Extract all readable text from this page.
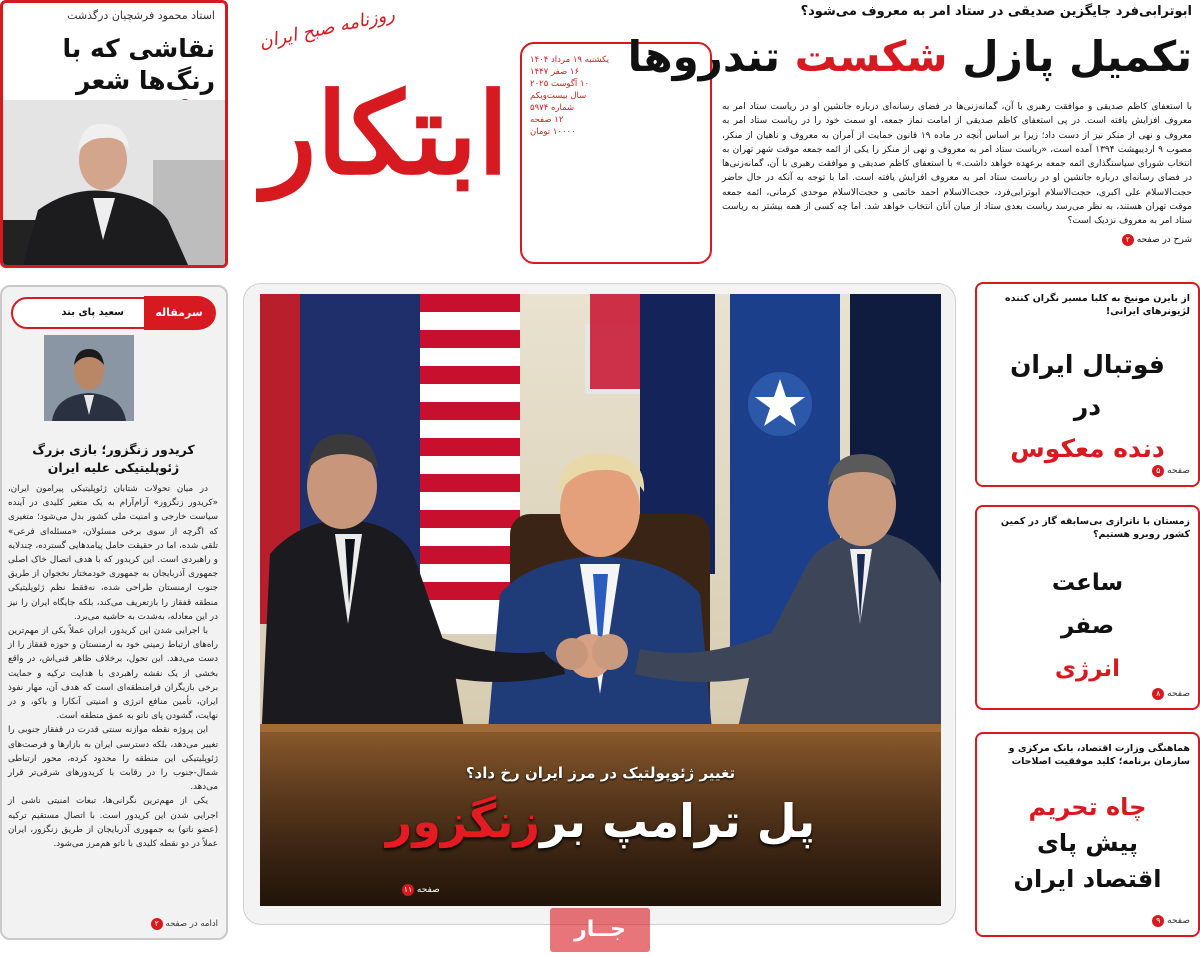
استاد محمود فرشچیان درگذشت
نقاشی که با رنگ‌ها شعر
روزنامه صبح ایران
ابتکار
یکشنبه ۱۹ مرداد ۱۴۰۴
۱۶ صفر ۱۴۴۷
۱۰ آگوست ۲۰۲۵
سال بیست‌ویکم
شماره ۵۹۷۴
۱۲ صفحه
۱۰۰۰۰ تومان
ابوترابی‌فرد جایگزین صدیقی در ستاد امر به معروف می‌شود؟
تکمیل پازل شکست تندروها
با استعفای کاظم صدیقی و موافقت رهبری با آن، گمانه‌زنی‌ها در فضای رسانه‌ای درباره جانشین او در ریاست ستاد امر به معروف افزایش یافته است. در پی استعفای کاظم صدیقی از امامت نماز جمعه، او سمت خود را در ریاست ستاد امر به معروف و نهی از منکر نیز از دست داد؛ زیرا بر اساس آنچه در ماده ۱۹ قانون حمایت از آمران به معروف و ناهیان از منکر، مصوب ۹ اردیبهشت ۱۳۹۴ آمده است، «ریاست ستاد امر به معروف و نهی از منکر را یکی از ائمه جمعه موقت شهر تهران به انتخاب شورای سیاستگذاری ائمه جمعه برعهده خواهد داشت.» با استعفای کاظم صدیقی و موافقت رهبری با آن، گمانه‌زنی‌ها در فضای رسانه‌ای درباره جانشین او در ریاست ستاد امر به معروف افزایش یافته است. اما با توجه به آنکه در حال حاضر حجت‌الاسلام علی اکبری، حجت‌الاسلام ابوترابی‌فرد، حجت‌الاسلام احمد خاتمی و حجت‌الاسلام موحدی کرمانی، ائمه جمعه موقت تهران هستند، به نظر می‌رسد ریاست بعدی ستاد از میان آنان انتخاب خواهد شد. اما چه کسی از همه بیشتر به ریاست ستاد امر به معروف نزدیک است؟
شرح در صفحه ۲
سرمقاله
سعید پای بند
کریدور زنگزور؛ بازی بزرگ ژئوپلیتیکی علیه ایران

در میان تحولات شتابان ژئوپلیتیکی پیرامون ایران، «کریدور زنگزور» آرام‌آرام به یک متغیر کلیدی در آینده سیاست خارجی و امنیت ملی کشور بدل می‌شود؛ متغیری که اگرچه از سوی برخی مسئولان، «مسئله‌ای فرعی» تلقی شده، اما در حقیقت حامل پیامدهایی گسترده، چندلایه و راهبردی است. این کریدور که با هدف اتصال خاک اصلی جمهوری آذربایجان به جمهوری خودمختار نخجوان از طریق جنوب ارمنستان طراحی شده، نه‌فقط نظم ژئوپلیتیکی منطقه قفقاز را بازتعریف می‌کند، بلکه جایگاه ایران را نیز در این معادله، به‌شدت به حاشیه می‌برد.

با اجرایی شدن این کریدور، ایران عملاً یکی از مهم‌ترین راه‌های ارتباط زمینی خود به ارمنستان و حوزه قفقاز را از دست می‌دهد. این تحول، برخلاف ظاهر فنی‌اش، در واقع بخشی از یک نقشه راهبردی با هدایت ترکیه و حمایت برخی بازیگران فرامنطقه‌ای است که هدف آن، مهار نفوذ ایران، تأمین منافع انرژی و امنیتی آنکارا و باکو، و در نهایت، گشودن پای ناتو به عمق منطقه است.

این پروژه نقطه موازنه سنتی قدرت در قفقاز جنوبی را تغییر می‌دهد، بلکه دسترسی ایران به بازارها و فرصت‌های ژئوپلیتیکی این منطقه را محدود کرده، محور ارتباطی شمال-جنوب را در رقابت با کریدورهای شرقی‌تر قرار می‌دهد.

یکی از مهم‌ترین نگرانی‌ها، تبعات امنیتی ناشی از اجرایی شدن این کریدور است. با اتصال مستقیم ترکیه (عضو ناتو) به جمهوری آذربایجان از طریق زنگزور، ایران عملاً در دو نقطه کلیدی با ناتو هم‌مرز می‌شود.

ادامه در صفحه ۲
تغییر ژئوپولتیک در مرز ایران رخ داد؟
پل ترامپ برزنگزور
صفحه ۱۱
جــار
از بایرن مونیخ به کلبا مسیر نگران کننده لژیونرهای ایرانی!
فوتبال ایران
در
دنده معکوس
صفحه ۵
زمستان با ناترازی بی‌سابقه گاز در کمین کشور روبرو هستیم؟
ساعت
صفر
انرژی
صفحه ۸
هماهنگی وزارت اقتصاد، بانک مرکزی و سازمان برنامه؛ کلید موفقیت اصلاحات
چاه تحریم
پیش پای
اقتصاد ایران
صفحه ۹
